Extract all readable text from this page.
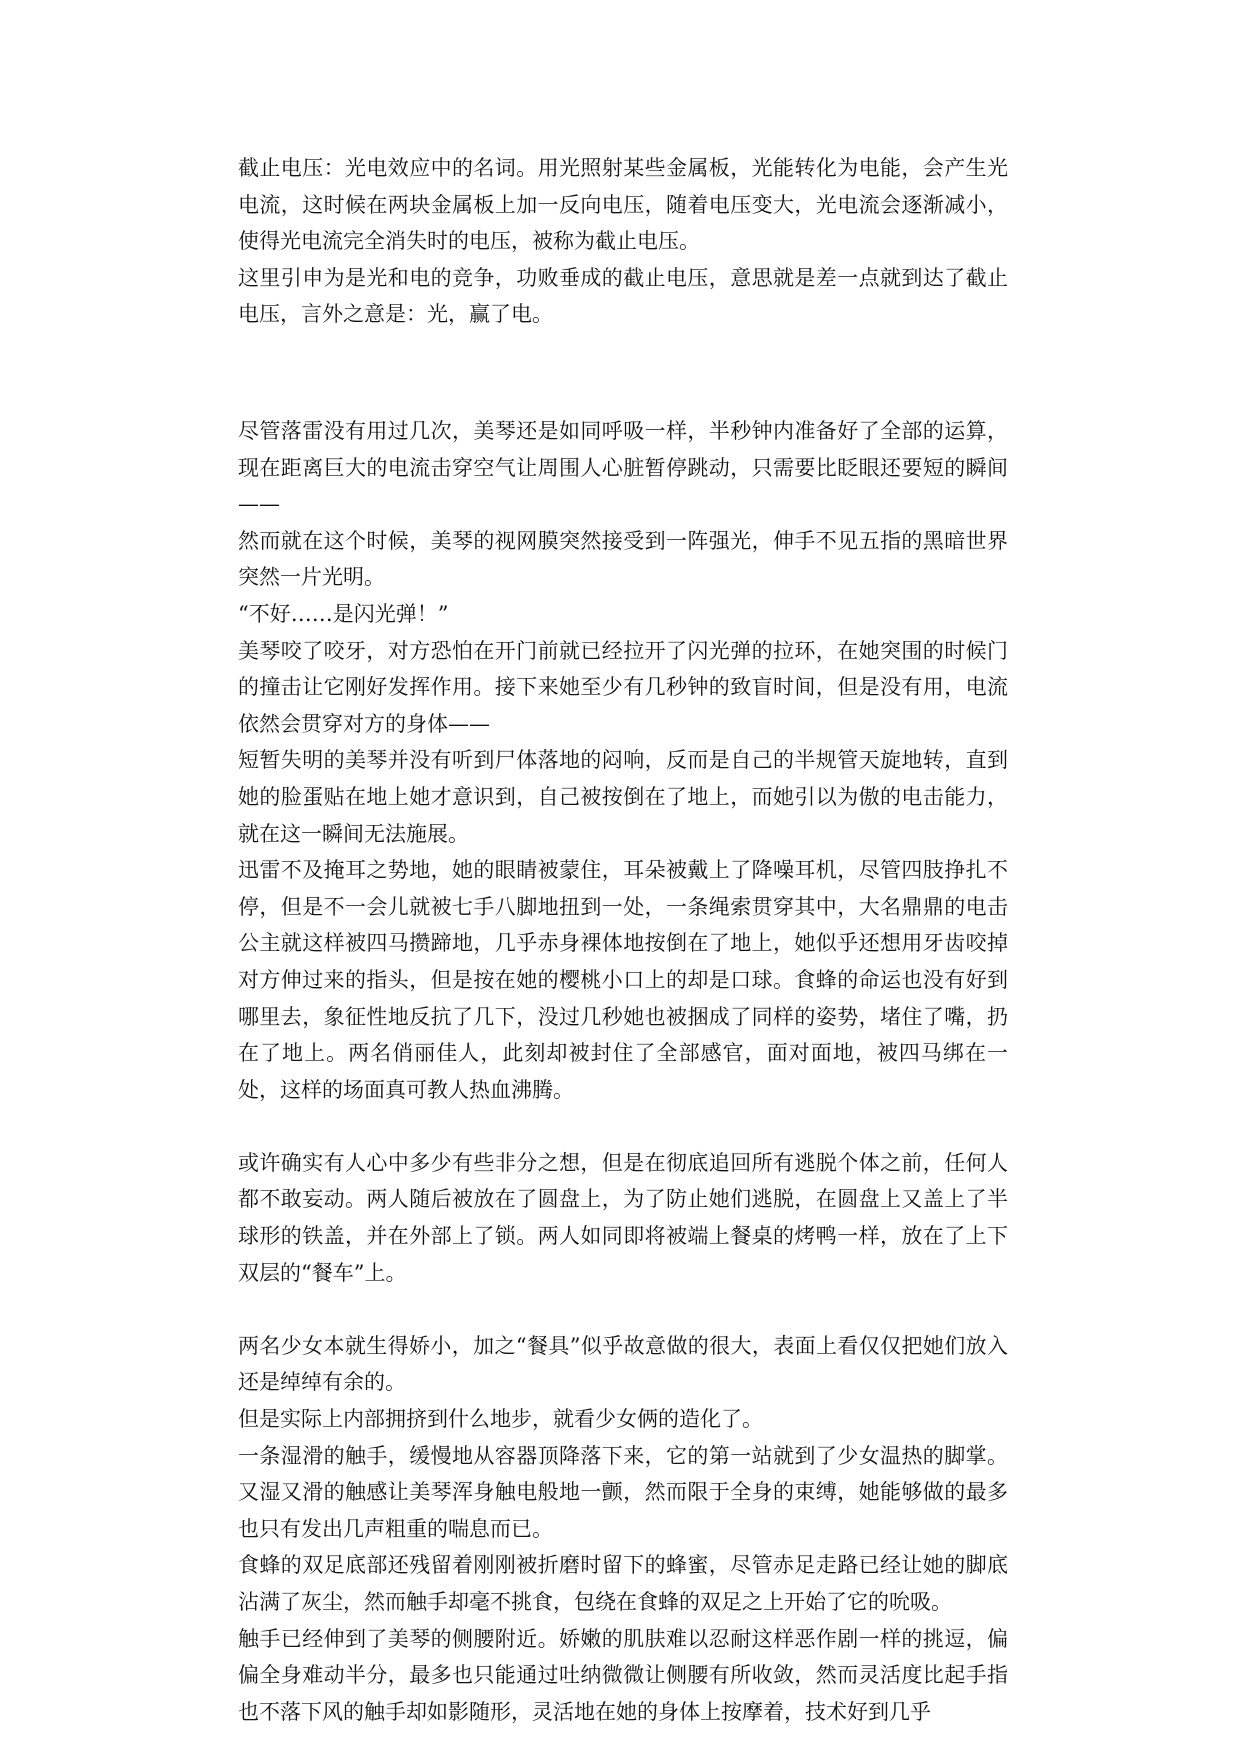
截止电压：光电效应中的名词。用光照射某些金属板，光能转化为电能，会产生光电流，这时候在两块金属板上加一反向电压，随着电压变大，光电流会逐渐减小，使得光电流完全消失时的电压，被称为截止电压。

这里引申为是光和电的竞争，功败垂成的截止电压，意思就是差一点就到达了截止电压，言外之意是：光，赢了电。

尽管落雷没有用过几次，美琴还是如同呼吸一样，半秒钟内准备好了全部的运算，现在距离巨大的电流击穿空气让周围人心脏暂停跳动，只需要比眨眼还要短的瞬间——

然而就在这个时候，美琴的视网膜突然接受到一阵强光，伸手不见五指的黑暗世界突然一片光明。

“不好……是闪光弹！”

美琴咬了咬牙，对方恐怕在开门前就已经拉开了闪光弹的拉环，在她突围的时候门的撞击让它刚好发挥作用。接下来她至少有几秒钟的致盲时间，但是没有用，电流依然会贯穿对方的身体——

短暂失明的美琴并没有听到尸体落地的闷响，反而是自己的半规管天旋地转，直到她的脸蛋贴在地上她才意识到，自己被按倒在了地上，而她引以为傲的电击能力，就在这一瞬间无法施展。

迅雷不及掩耳之势地，她的眼睛被蒙住，耳朵被戴上了降噪耳机，尽管四肢挣扎不停，但是不一会儿就被七手八脚地扭到一处，一条绳索贯穿其中，大名鼎鼎的电击公主就这样被四马攒蹄地，几乎赤身裸体地按倒在了地上，她似乎还想用牙齿咬掉对方伸过来的指头，但是按在她的樱桃小口上的却是口球。食蜂的命运也没有好到哪里去，象征性地反抗了几下，没过几秒她也被捆成了同样的姿势，堵住了嘴，扔在了地上。两名俏丽佳人，此刻却被封住了全部感官，面对面地，被四马绑在一处，这样的场面真可教人热血沸腾。

或许确实有人心中多少有些非分之想，但是在彻底追回所有逃脱个体之前，任何人都不敢妄动。两人随后被放在了圆盘上，为了防止她们逃脱，在圆盘上又盖上了半球形的铁盖，并在外部上了锁。两人如同即将被端上餐桌的烤鸭一样，放在了上下双层的“餐车”上。

两名少女本就生得娇小，加之“餐具”似乎故意做的很大，表面上看仅仅把她们放入还是绰绰有余的。

但是实际上内部拥挤到什么地步，就看少女俩的造化了。

一条湿滑的触手，缓慢地从容器顶降落下来，它的第一站就到了少女温热的脚掌。又湿又滑的触感让美琴浑身触电般地一颤，然而限于全身的束缚，她能够做的最多也只有发出几声粗重的喘息而已。

食蜂的双足底部还残留着刚刚被折磨时留下的蜂蜜，尽管赤足走路已经让她的脚底沾满了灰尘，然而触手却毫不挑食，包绕在食蜂的双足之上开始了它的吮吸。

触手已经伸到了美琴的侧腰附近。娇嫩的肌肤难以忍耐这样恶作剧一样的挑逗，偏偏全身难动半分，最多也只能通过吐纳微微让侧腰有所收敛，然而灵活度比起手指也不落下风的触手却如影随形，灵活地在她的身体上按摩着，技术好到几乎
